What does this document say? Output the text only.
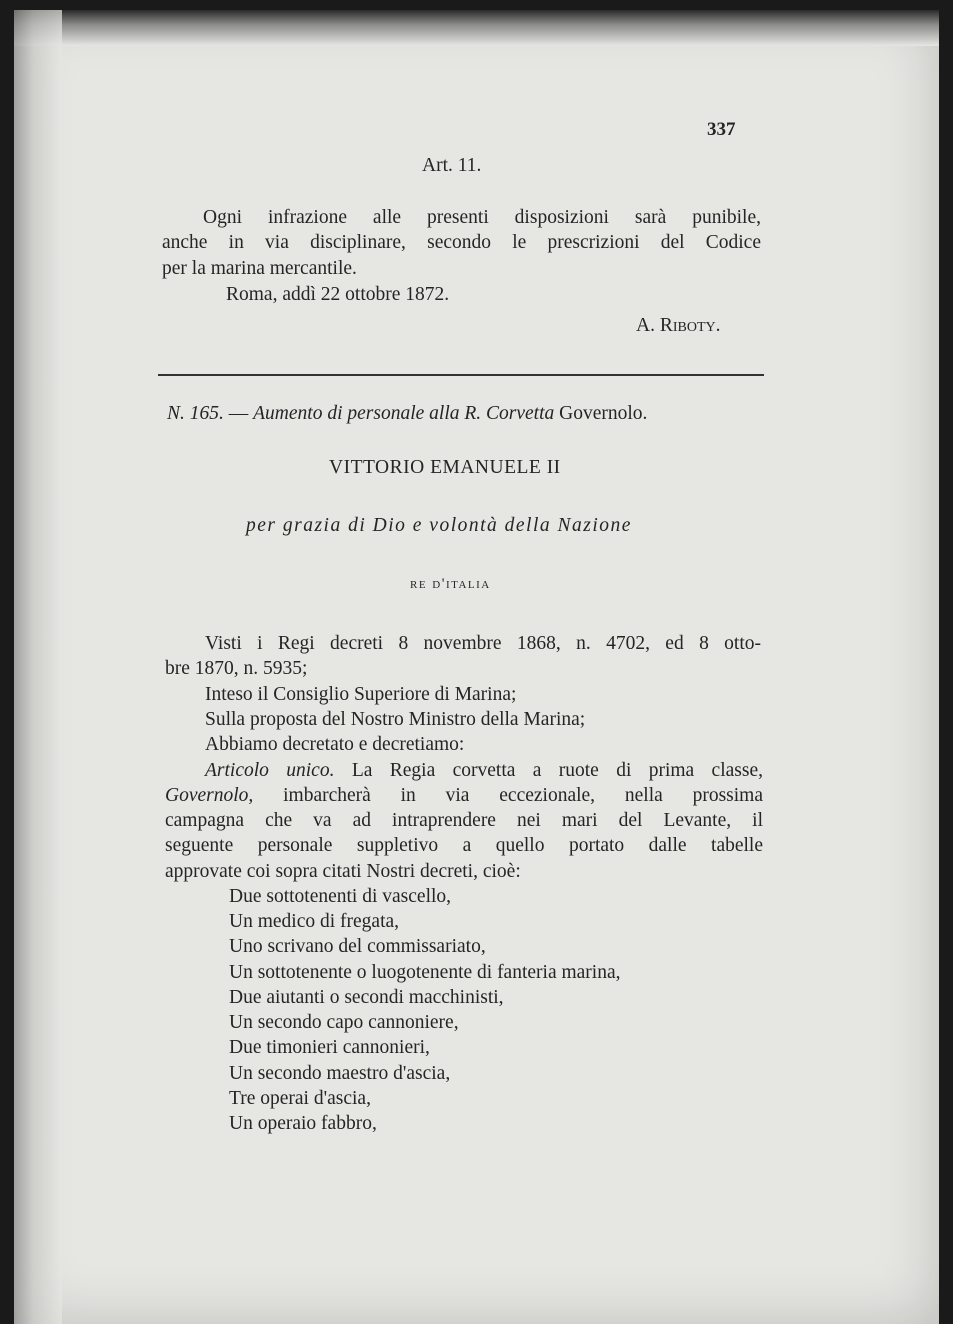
337
Art. 11.
Ogni infrazione alle presenti disposizioni sarà punibile,
anche in via disciplinare, secondo le prescrizioni del Codice
per la marina mercantile.
Roma, addì 22 ottobre 1872.
A. Riboty.
N. 165. — Aumento di personale alla R. Corvetta Governolo.
VITTORIO EMANUELE II
per grazia di Dio e volontà della Nazione
re d'italia
Visti i Regi decreti 8 novembre 1868, n. 4702, ed 8 otto-
bre 1870, n. 5935;
Inteso il Consiglio Superiore di Marina;
Sulla proposta del Nostro Ministro della Marina;
Abbiamo decretato e decretiamo:
Articolo unico. La Regia corvetta a ruote di prima classe,
Governolo, imbarcherà in via eccezionale, nella prossima
campagna che va ad intraprendere nei mari del Levante, il
seguente personale suppletivo a quello portato dalle tabelle
approvate coi sopra citati Nostri decreti, cioè:
Due sottotenenti di vascello,
Un medico di fregata,
Uno scrivano del commissariato,
Un sottotenente o luogotenente di fanteria marina,
Due aiutanti o secondi macchinisti,
Un secondo capo cannoniere,
Due timonieri cannonieri,
Un secondo maestro d'ascia,
Tre operai d'ascia,
Un operaio fabbro,
